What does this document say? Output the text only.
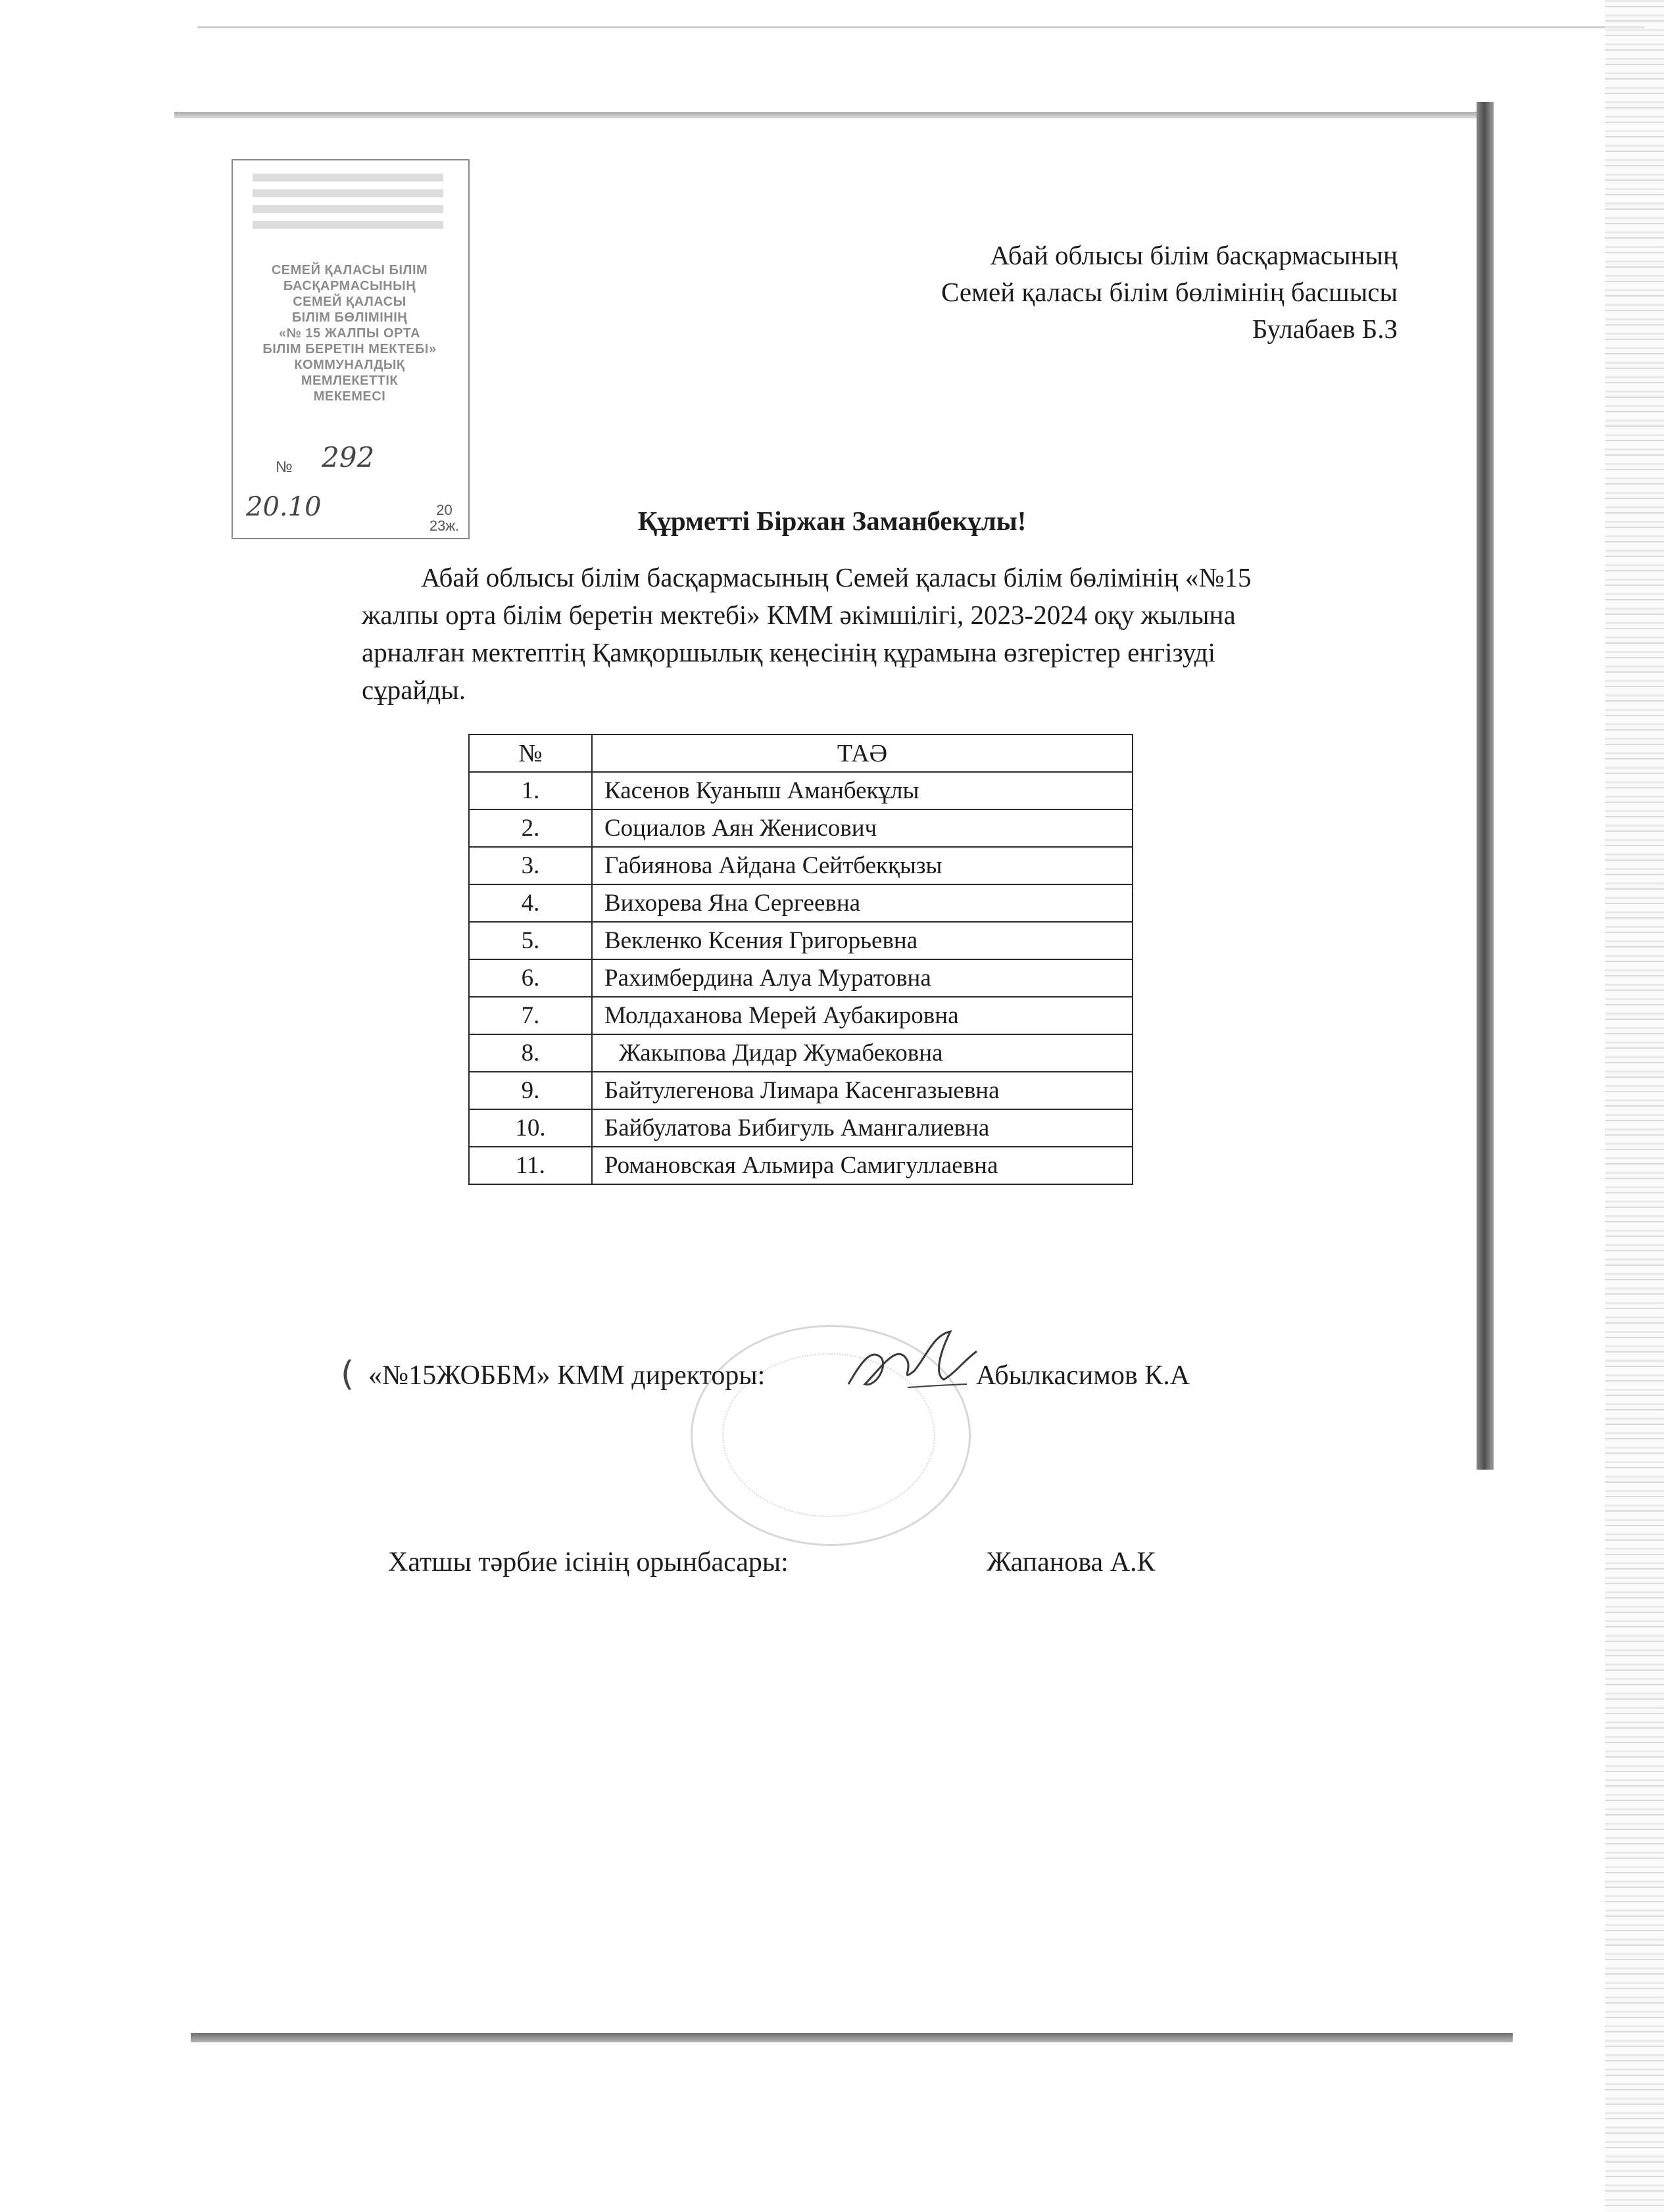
СЕМЕЙ ҚАЛАСЫ БІЛІМ
БАСҚАРМАСЫНЫҢ
СЕМЕЙ ҚАЛАСЫ
БІЛІМ БӨЛІМІНІҢ
«№ 15 ЖАЛПЫ ОРТА
БІЛІМ БЕРЕТІН МЕКТЕБІ»
КОММУНАЛДЫҚ
МЕМЛЕКЕТТІК
МЕКЕМЕСІ
№ 292
20.10	20 23ж.
Абай облысы білім басқармасының
Семей қаласы білім бөлімінің басшысы
Булабаев Б.З
Құрметті Біржан Заманбекұлы!
Абай облысы білім басқармасының Семей қаласы білім бөлімінің «№15
жалпы орта білім беретін мектебі» КММ әкімшілігі, 2023-2024 оқу жылына
арналған мектептің Қамқоршылық кеңесінің құрамына өзгерістер енгізуді
сұрайды.
№	ТАӘ
1.	Касенов Куаныш Аманбекұлы
2.	Социалов Аян Женисович
3.	Габиянова Айдана Сейтбекқызы
4.	Вихорева Яна Сергеевна
5.	Векленко Ксения Григорьевна
6.	Рахимбердина Алуа Муратовна
7.	Молдаханова Мерей Аубакировна
8.	Жакыпова Дидар Жумабековна
9.	Байтулегенова Лимара Касенгазыевна
10.	Байбулатова Бибигуль Амангалиевна
11.	Романовская Альмира Самигуллаевна
( «№15ЖОББМ» КММ директоры:	Абылкасимов К.А
Хатшы тәрбие ісінің орынбасары:	Жапанова А.К
